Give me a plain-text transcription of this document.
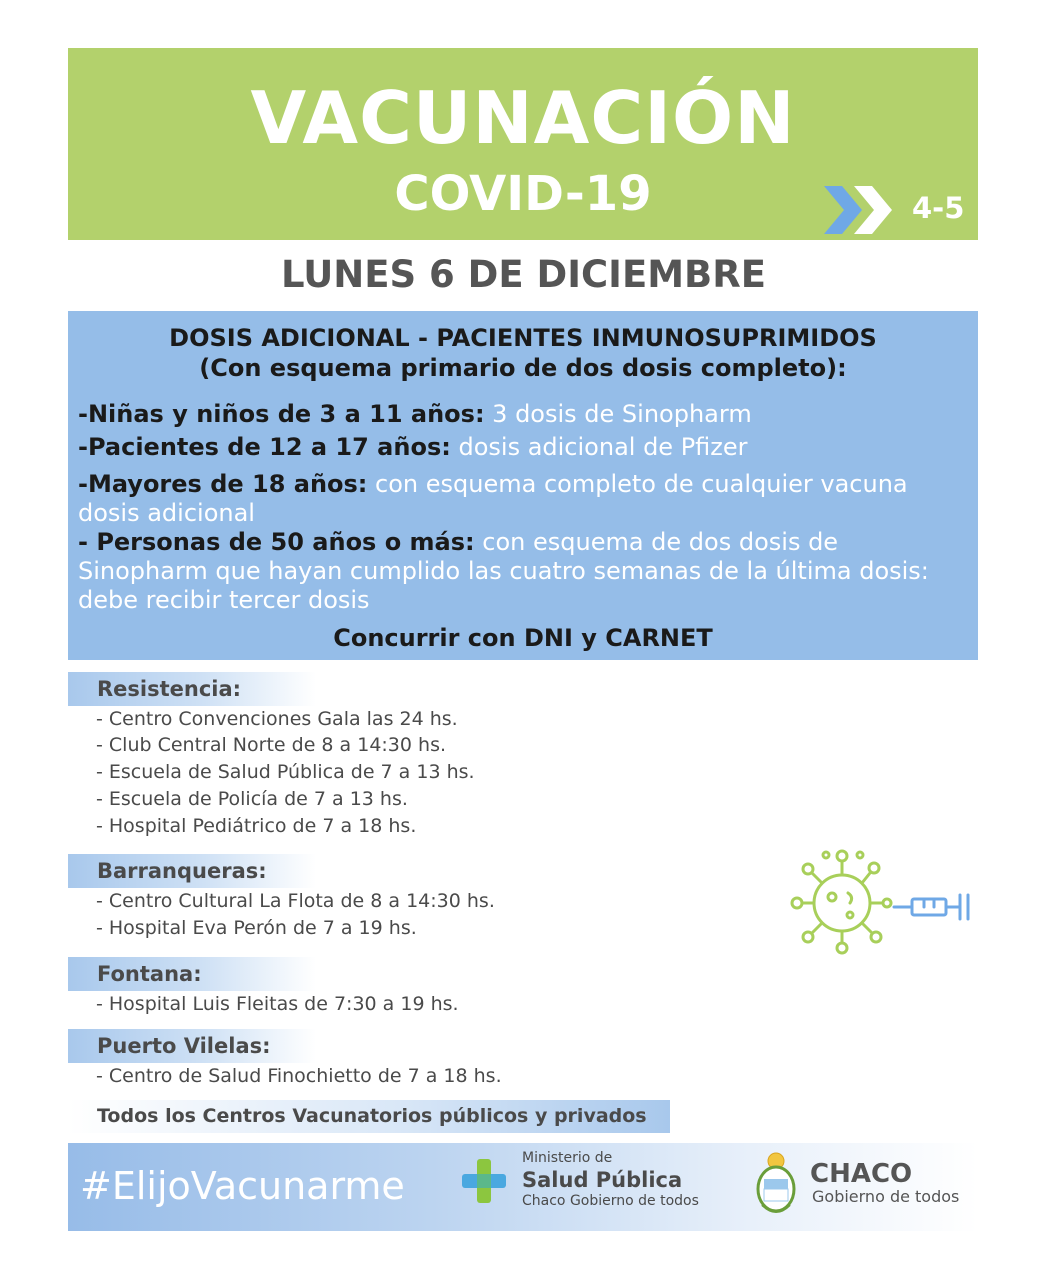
VACUNACIÓN
COVID-19	4-5
LUNES 6 DE DICIEMBRE
DOSIS ADICIONAL - PACIENTES INMUNOSUPRIMIDOS
(Con esquema primario de dos dosis completo):
-Niñas y niños de 3 a 11 años: 3 dosis de Sinopharm
-Pacientes de 12 a 17 años: dosis adicional de Pfizer
-Mayores de 18 años: con esquema completo de cualquier vacuna dosis adicional
- Personas de 50 años o más: con esquema de dos dosis de Sinopharm que hayan cumplido las cuatro semanas de la última dosis: debe recibir tercer dosis
Concurrir con DNI y CARNET
Resistencia:
- Centro Convenciones Gala las 24 hs.
- Club Central Norte de 8 a 14:30 hs.
- Escuela de Salud Pública de 7 a 13 hs.
- Escuela de Policía de 7 a 13 hs.
- Hospital Pediátrico de 7 a 18 hs.
Barranqueras:
- Centro Cultural La Flota de 8 a 14:30 hs.
- Hospital Eva Perón de 7 a 19 hs.
Fontana:
- Hospital Luis Fleitas de 7:30 a 19 hs.
Puerto Vilelas:
- Centro de Salud Finochietto de 7 a 18 hs.
Todos los Centros Vacunatorios públicos y privados
#ElijoVacunarme
Ministerio de
Salud Pública
Chaco Gobierno de todos
CHACO
Gobierno de todos
